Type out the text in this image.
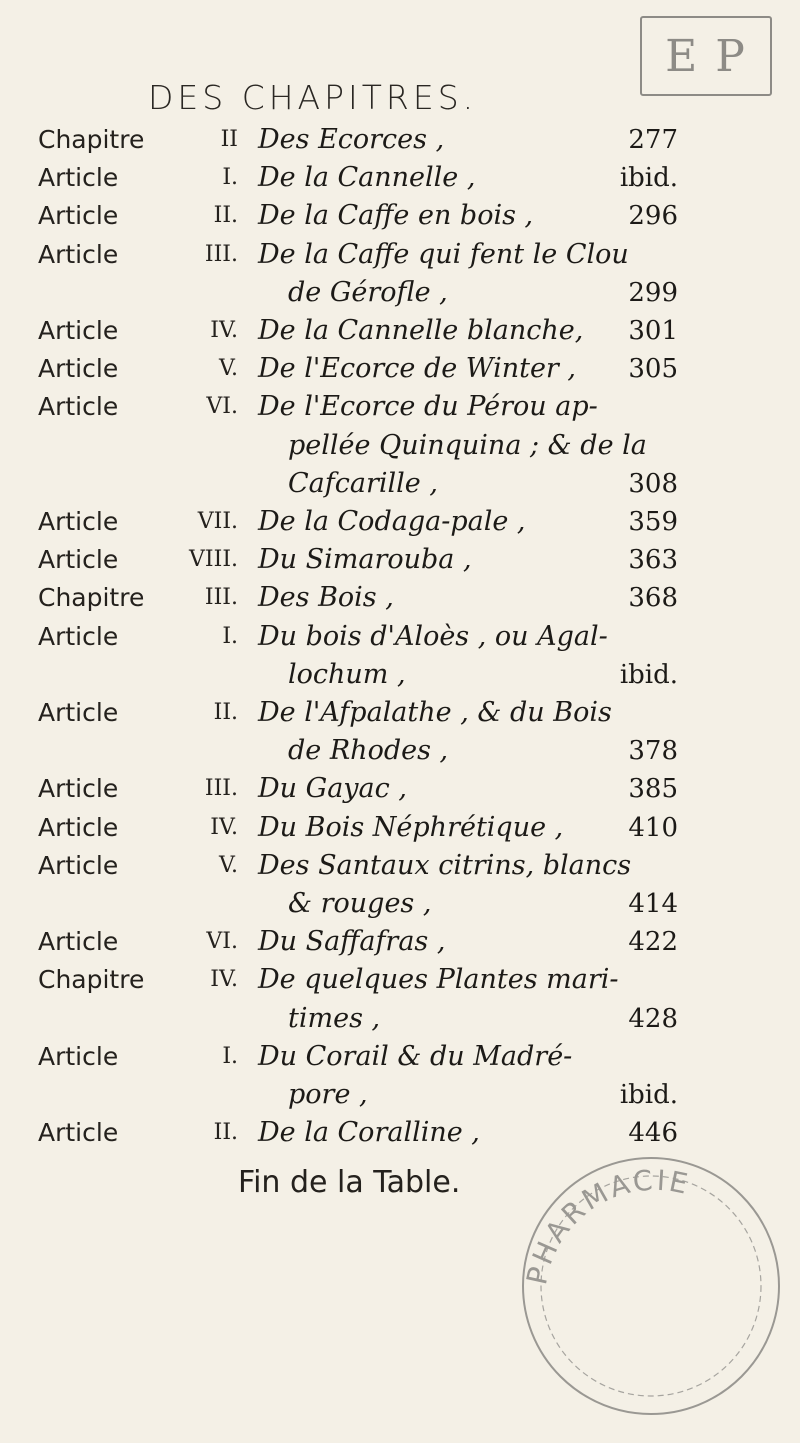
E P
DES CHAPITRES.
Chapitre	II Des Ecorces ,	277
Article	I. De la Cannelle ,	ibid.
Article	II. De la Caffe en bois ,	296
Article	III. De la Caffe qui fent le Clou
de Gérofle ,	299
Article	IV. De la Cannelle blanche, 301
Article	V. De l'Ecorce de Winter , 305
Article	VI. De l'Ecorce du Pérou ap-
pellée Quinquina ; & de la
Cafcarille ,	308
Article	VII. De la Codaga-pale ,	359
Article	VIII. Du Simarouba ,	363
Chapitre	III. Des Bois ,	368
Article	I. Du bois d'Aloès , ou Agal-
lochum ,	ibid.
Article	II. De l'Afpalathe , & du Bois
de Rhodes ,	378
Article	III. Du Gayac ,	385
Article	IV. Du Bois Néphrétique ,	410
Article	V. Des Santaux citrins, blancs
& rouges ,	414
Article	VI. Du Saffafras ,	422
Chapitre	IV. De quelques Plantes mari-
times ,	428
Article	I. Du Corail & du Madré-
pore ,	ibid.
Article	II. De la Coralline ,	446
Fin de la Table.
PHARMACIE
